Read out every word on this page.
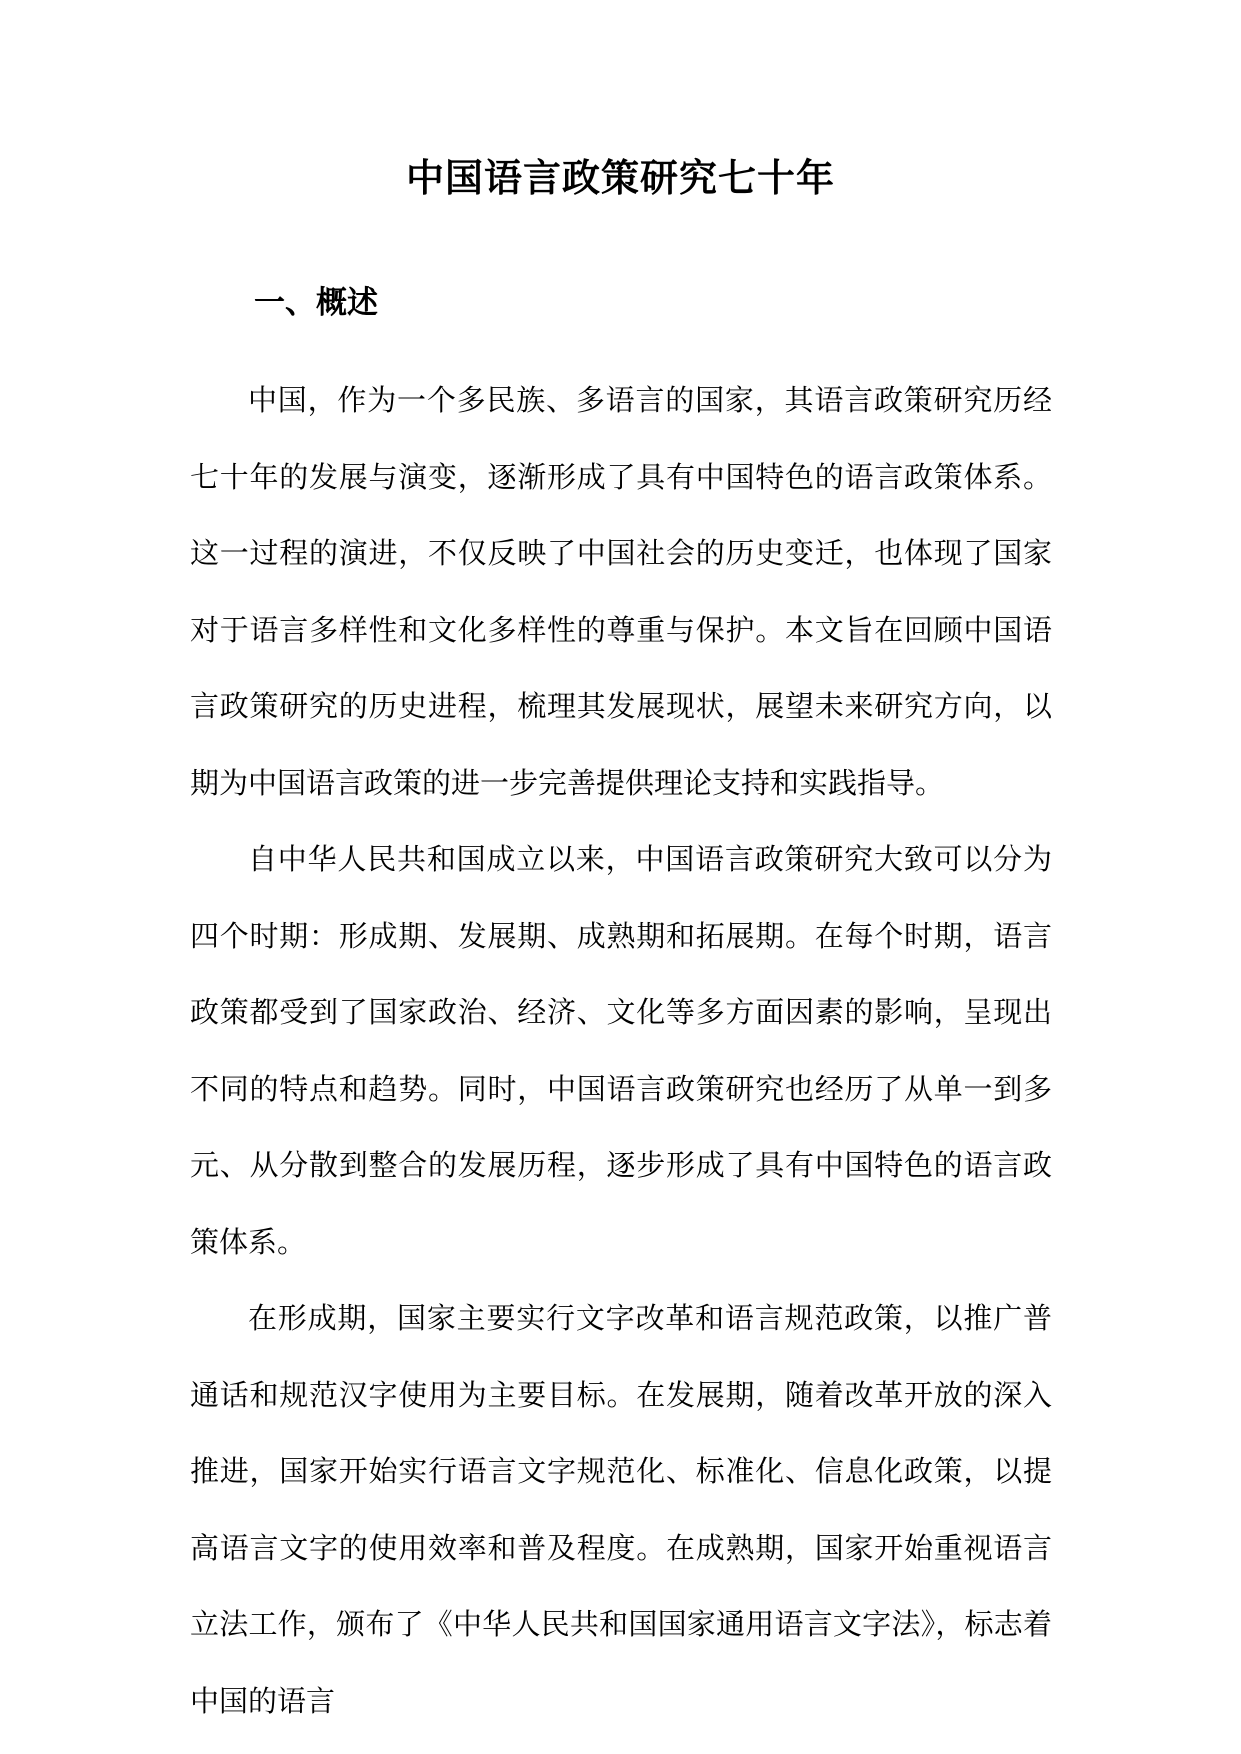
中国语言政策研究七十年
一、概述

中国，作为一个多民族、多语言的国家，其语言政策研究历经七十年的发展与演变，逐渐形成了具有中国特色的语言政策体系。这一过程的演进，不仅反映了中国社会的历史变迁，也体现了国家对于语言多样性和文化多样性的尊重与保护。本文旨在回顾中国语言政策研究的历史进程，梳理其发展现状，展望未来研究方向，以期为中国语言政策的进一步完善提供理论支持和实践指导。

自中华人民共和国成立以来，中国语言政策研究大致可以分为四个时期：形成期、发展期、成熟期和拓展期。在每个时期，语言政策都受到了国家政治、经济、文化等多方面因素的影响，呈现出不同的特点和趋势。同时，中国语言政策研究也经历了从单一到多元、从分散到整合的发展历程，逐步形成了具有中国特色的语言政策体系。

在形成期，国家主要实行文字改革和语言规范政策，以推广普通话和规范汉字使用为主要目标。在发展期，随着改革开放的深入推进，国家开始实行语言文字规范化、标准化、信息化政策，以提高语言文字的使用效率和普及程度。在成熟期，国家开始重视语言立法工作，颁布了《中华人民共和国国家通用语言文字法》，标志着中国的语言
